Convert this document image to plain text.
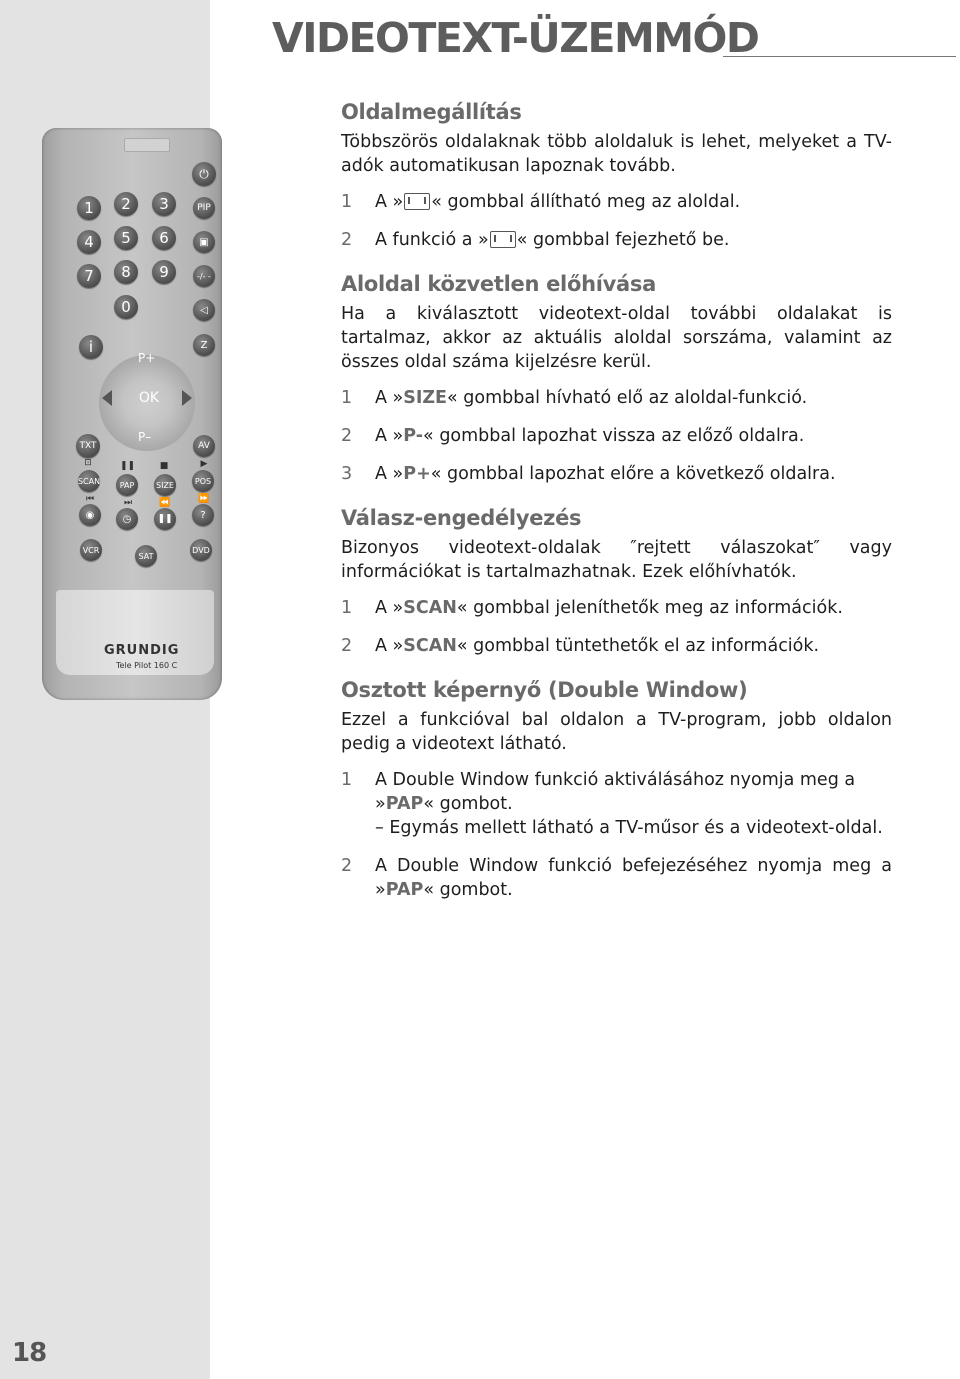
18
VIDEOTEXT-ÜZEMMÓD
⏻
1	2	3
4	5	6
7	8	9
0
PIP
▣
-/- -
◁
Z
i
P+
P–
OK
TXT	AV
⊡	❚❚	■	▶
SCAN	PAP	SIZE	POS
⏮	⏭	⏪	⏩
◉	◷	❚❚	?
VCR
SAT
DVD
GRUNDIG
Tele Pilot 160 C
Oldalmegállítás

Többszörös oldalaknak több aloldaluk is lehet, melyeket a TV-adók automatikusan lapoznak tovább.

1	A » « gombbal állítható meg az aloldal.
2	A funkció a » « gombbal fejezhető be.
Aloldal közvetlen előhívása

Ha a kiválasztott videotext-oldal további oldalakat is tartalmaz, akkor az aktuális aloldal sorszáma, valamint az összes oldal száma kijelzésre kerül.

1	A »SIZE« gombbal hívható elő az aloldal-funkció.
2	A »P-« gombbal lapozhat vissza az előző oldalra.
3	A »P+« gombbal lapozhat előre a következő oldalra.
Válasz-engedélyezés

Bizonyos videotext-oldalak ″rejtett válaszokat″ vagy információkat is tartalmazhatnak. Ezek előhívhatók.

1	A »SCAN« gombbal jeleníthetők meg az információk.
2	A »SCAN« gombbal tüntethetők el az információk.
Osztott képernyő (Double Window)

Ezzel a funkcióval bal oldalon a TV-program, jobb oldalon pedig a videotext látható.

1	A Double Window funkció aktiválásához nyomja meg a »PAP« gombot.
– Egymás mellett látható a TV-műsor és a videotext-oldal.
2	A Double Window funkció befejezéséhez nyomja meg a »PAP« gombot.
